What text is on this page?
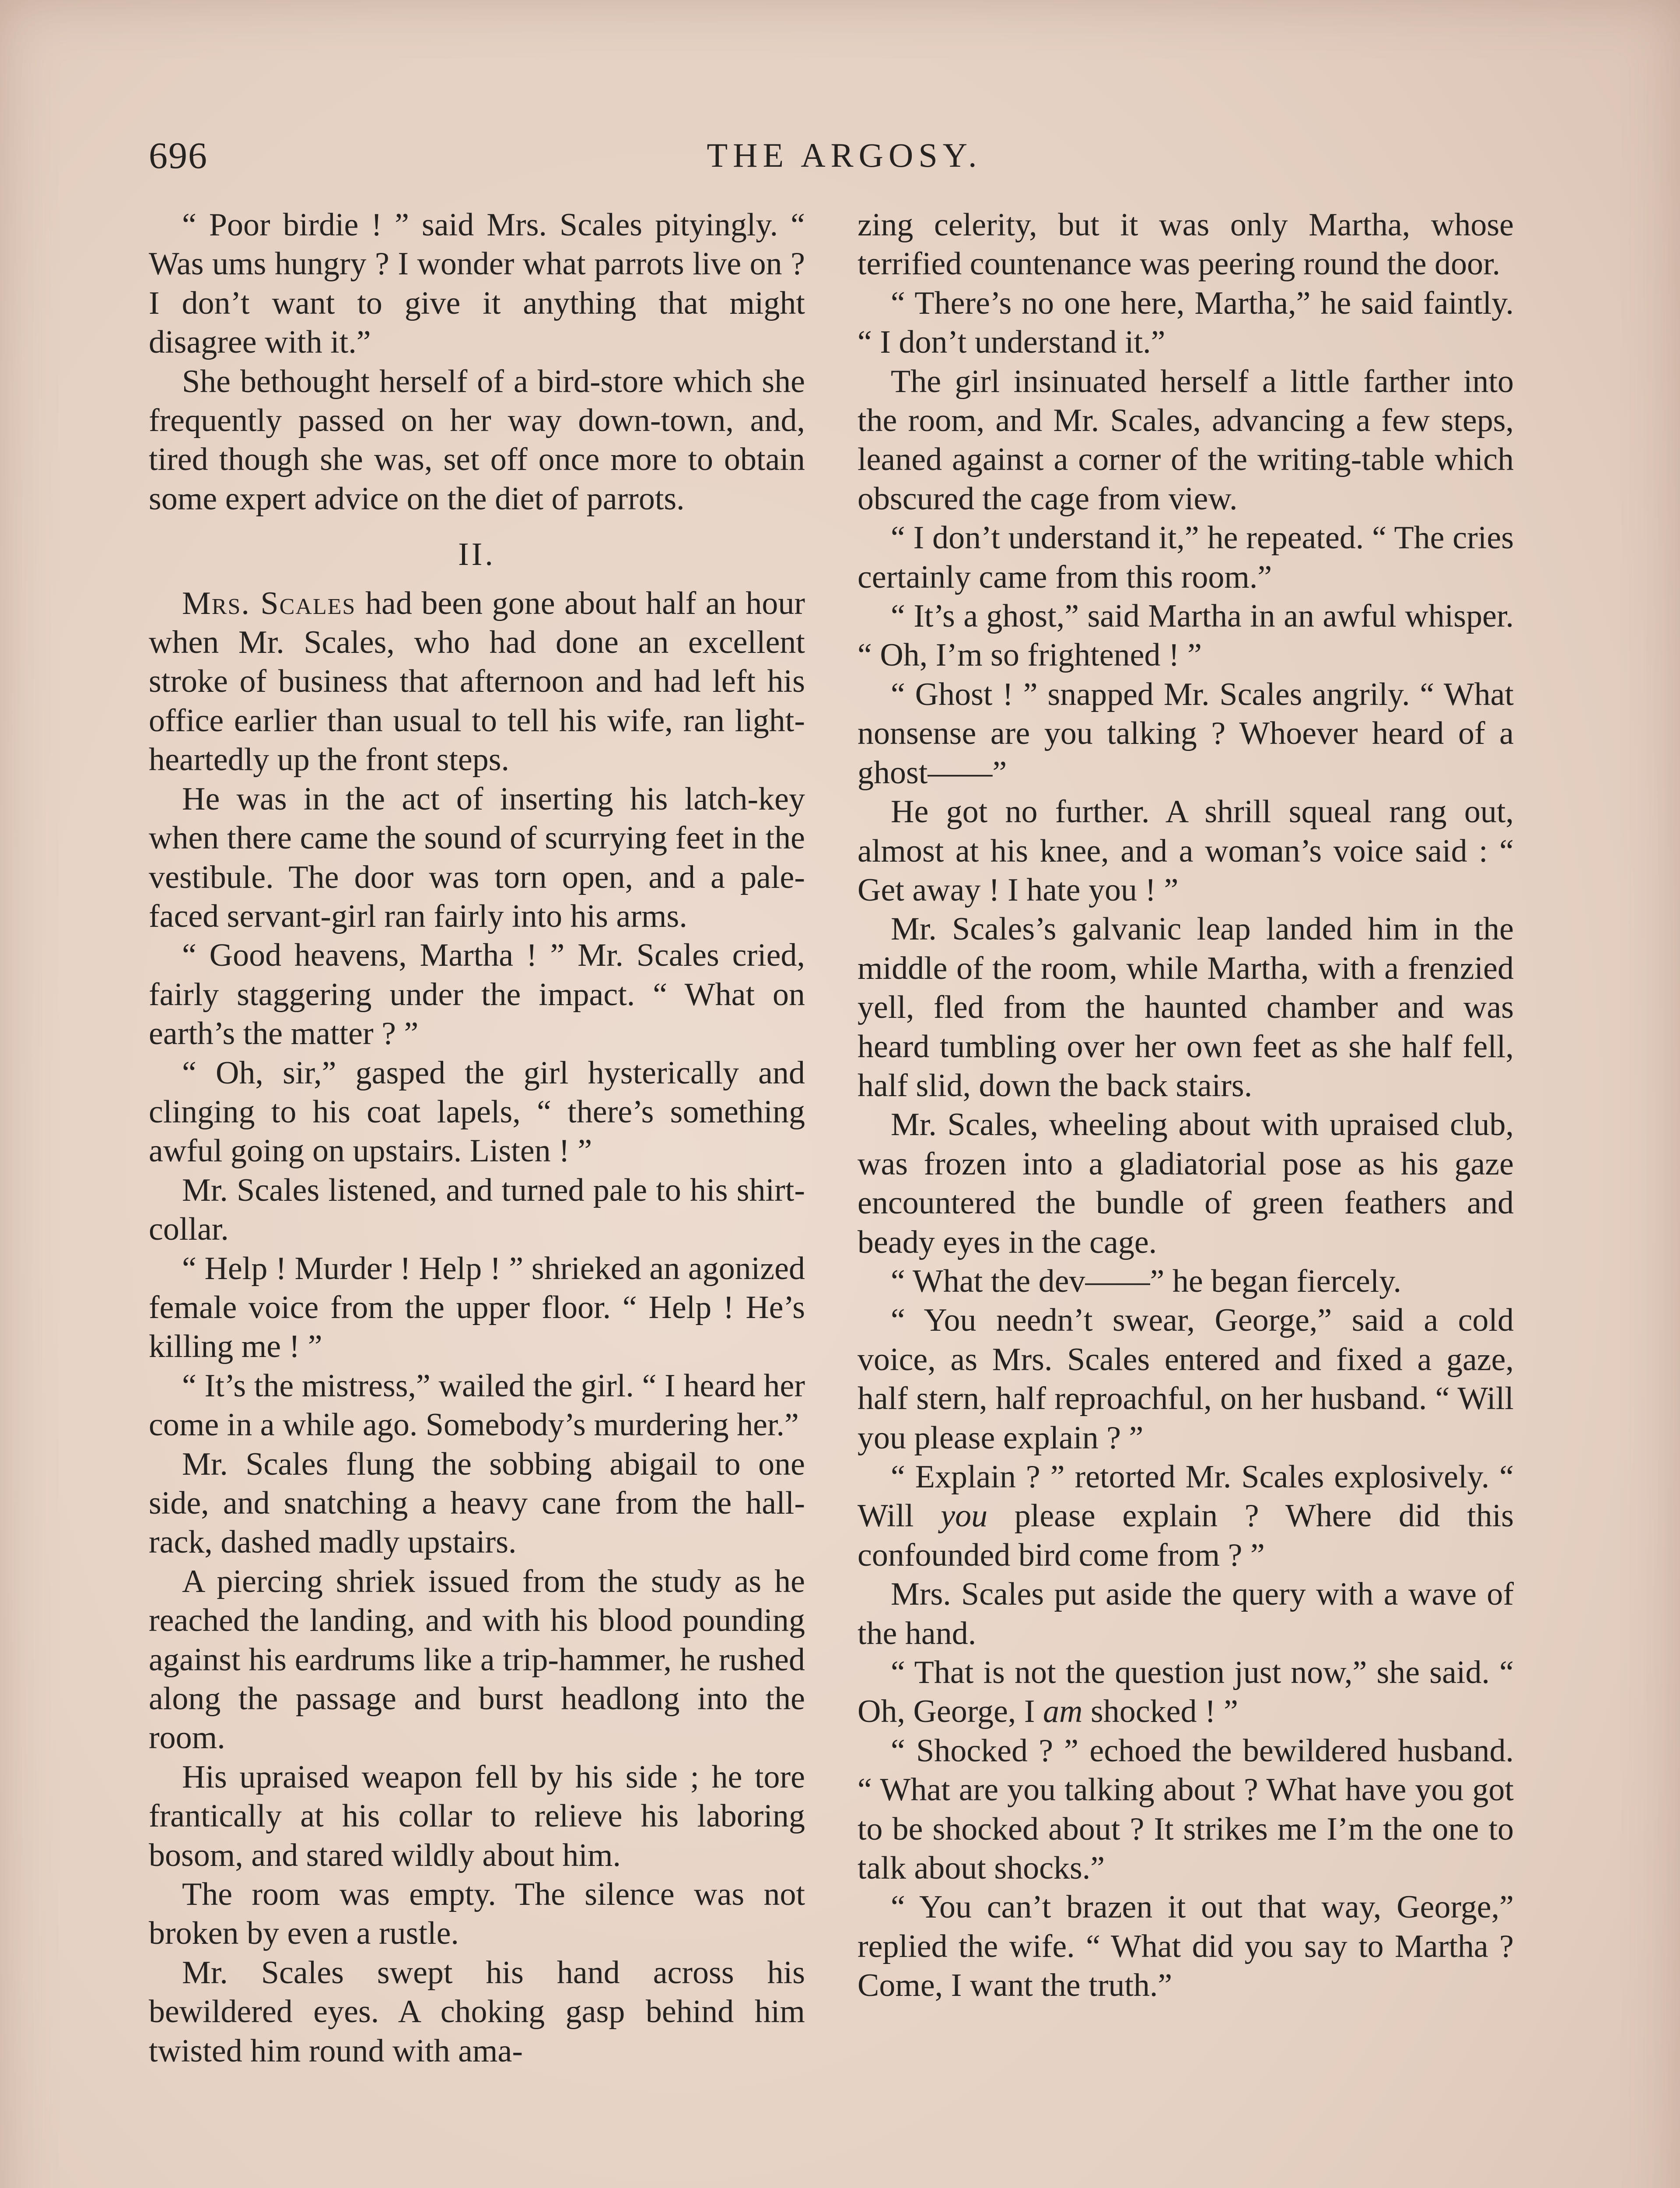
THE ARGOSY.
696

“ Poor birdie ! ” said Mrs. Scales pityingly. “ Was ums hungry ? I wonder what parrots live on ? I don’t want to give it anything that might disagree with it.”

She bethought herself of a bird-store which she frequently passed on her way down-town, and, tired though she was, set off once more to obtain some expert advice on the diet of parrots.

II.

Mrs. Scales had been gone about half an hour when Mr. Scales, who had done an excellent stroke of business that afternoon and had left his office earlier than usual to tell his wife, ran light-heartedly up the front steps.

He was in the act of inserting his latch-key when there came the sound of scurrying feet in the vestibule. The door was torn open, and a pale-faced servant-girl ran fairly into his arms.

“ Good heavens, Martha ! ” Mr. Scales cried, fairly staggering under the impact. “ What on earth’s the matter ? ”

“ Oh, sir,” gasped the girl hysterically and clinging to his coat lapels, “ there’s something awful going on upstairs. Listen ! ”

Mr. Scales listened, and turned pale to his shirt-collar.

“ Help ! Murder ! Help ! ” shrieked an agonized female voice from the upper floor. “ Help ! He’s killing me ! ”

“ It’s the mistress,” wailed the girl. “ I heard her come in a while ago. Somebody’s murdering her.”

Mr. Scales flung the sobbing abigail to one side, and snatching a heavy cane from the hall-rack, dashed madly upstairs.

A piercing shriek issued from the study as he reached the landing, and with his blood pounding against his eardrums like a trip-hammer, he rushed along the passage and burst headlong into the room.

His upraised weapon fell by his side ; he tore frantically at his collar to relieve his laboring bosom, and stared wildly about him.

The room was empty. The silence was not broken by even a rustle.

Mr. Scales swept his hand across his bewildered eyes. A choking gasp behind him twisted him round with ama-

zing celerity, but it was only Martha, whose terrified countenance was peering round the door.

“ There’s no one here, Martha,” he said faintly. “ I don’t understand it.”

The girl insinuated herself a little farther into the room, and Mr. Scales, advancing a few steps, leaned against a corner of the writing-table which obscured the cage from view.

“ I don’t understand it,” he repeated. “ The cries certainly came from this room.”

“ It’s a ghost,” said Martha in an awful whisper. “ Oh, I’m so frightened ! ”

“ Ghost ! ” snapped Mr. Scales angrily. “ What nonsense are you talking ? Whoever heard of a ghost——”

He got no further. A shrill squeal rang out, almost at his knee, and a woman’s voice said : “ Get away ! I hate you ! ”

Mr. Scales’s galvanic leap landed him in the middle of the room, while Martha, with a frenzied yell, fled from the haunted chamber and was heard tumbling over her own feet as she half fell, half slid, down the back stairs.

Mr. Scales, wheeling about with upraised club, was frozen into a gladiatorial pose as his gaze encountered the bundle of green feathers and beady eyes in the cage.

“ What the dev——” he began fiercely.

“ You needn’t swear, George,” said a cold voice, as Mrs. Scales entered and fixed a gaze, half stern, half reproachful, on her husband. “ Will you please explain ? ”

“ Explain ? ” retorted Mr. Scales explosively. “ Will you please explain ? Where did this confounded bird come from ? ”

Mrs. Scales put aside the query with a wave of the hand.

“ That is not the question just now,” she said. “ Oh, George, I am shocked ! ”

“ Shocked ? ” echoed the bewildered husband. “ What are you talking about ? What have you got to be shocked about ? It strikes me I’m the one to talk about shocks.”

“ You can’t brazen it out that way, George,” replied the wife. “ What did you say to Martha ? Come, I want the truth.”
